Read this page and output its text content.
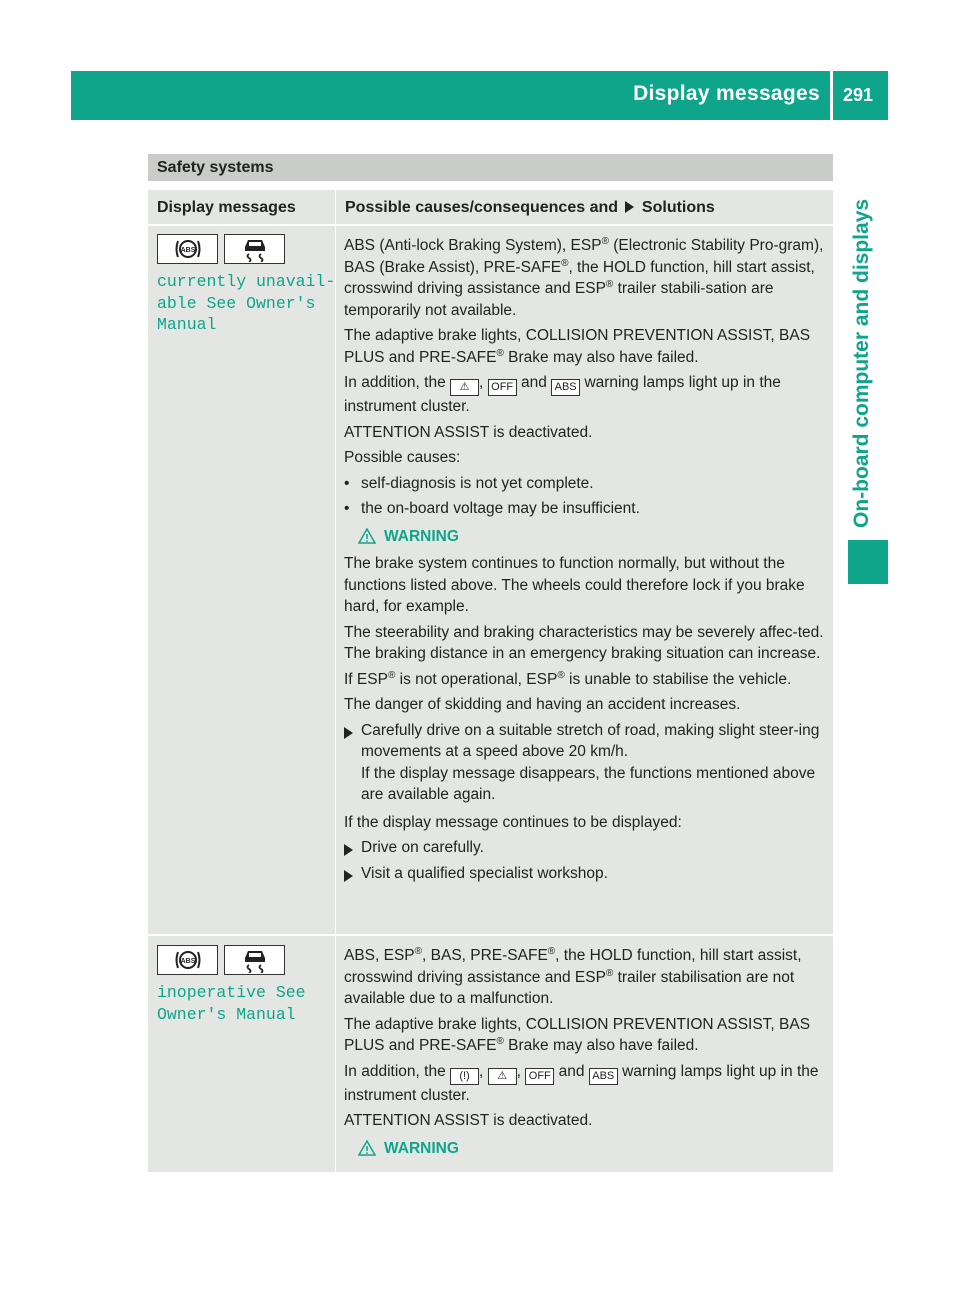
Display messages 291
On-board computer and displays
Safety systems
Display messages	Possible causes/consequences and Solutions
ABS
currently unavail-
able See Owner's
Manual

ABS (Anti-lock Braking System), ESP® (Electronic Stability Pro-gram), BAS (Brake Assist), PRE-SAFE®, the HOLD function, hill start assist, crosswind driving assistance and ESP® trailer stabili-sation are temporarily not available.

The adaptive brake lights, COLLISION PREVENTION ASSIST, BAS PLUS and PRE-SAFE® Brake may also have failed.

In addition, the ⚠ , OFF and ABS warning lamps light up in the instrument cluster.

ATTENTION ASSIST is deactivated.

Possible causes:

• self-diagnosis is not yet complete.
• the on-board voltage may be insufficient.
WARNING

The brake system continues to function normally, but without the functions listed above. The wheels could therefore lock if you brake hard, for example.

The steerability and braking characteristics may be severely affec-ted. The braking distance in an emergency braking situation can increase.

If ESP® is not operational, ESP® is unable to stabilise the vehicle.

The danger of skidding and having an accident increases.

Carefully drive on a suitable stretch of road, making slight steer-ing movements at a speed above 20 km/h.
If the display message disappears, the functions mentioned above are available again.

If the display message continues to be displayed:

Drive on carefully.
Visit a qualified specialist workshop.
ABS
inoperative See
Owner's Manual

ABS, ESP®, BAS, PRE-SAFE®, the HOLD function, hill start assist, crosswind driving assistance and ESP® trailer stabilisation are not available due to a malfunction.

The adaptive brake lights, COLLISION PREVENTION ASSIST, BAS PLUS and PRE-SAFE® Brake may also have failed.

In addition, the (!) , ⚠ , OFF and ABS warning lamps light up in the instrument cluster.

ATTENTION ASSIST is deactivated.

WARNING
